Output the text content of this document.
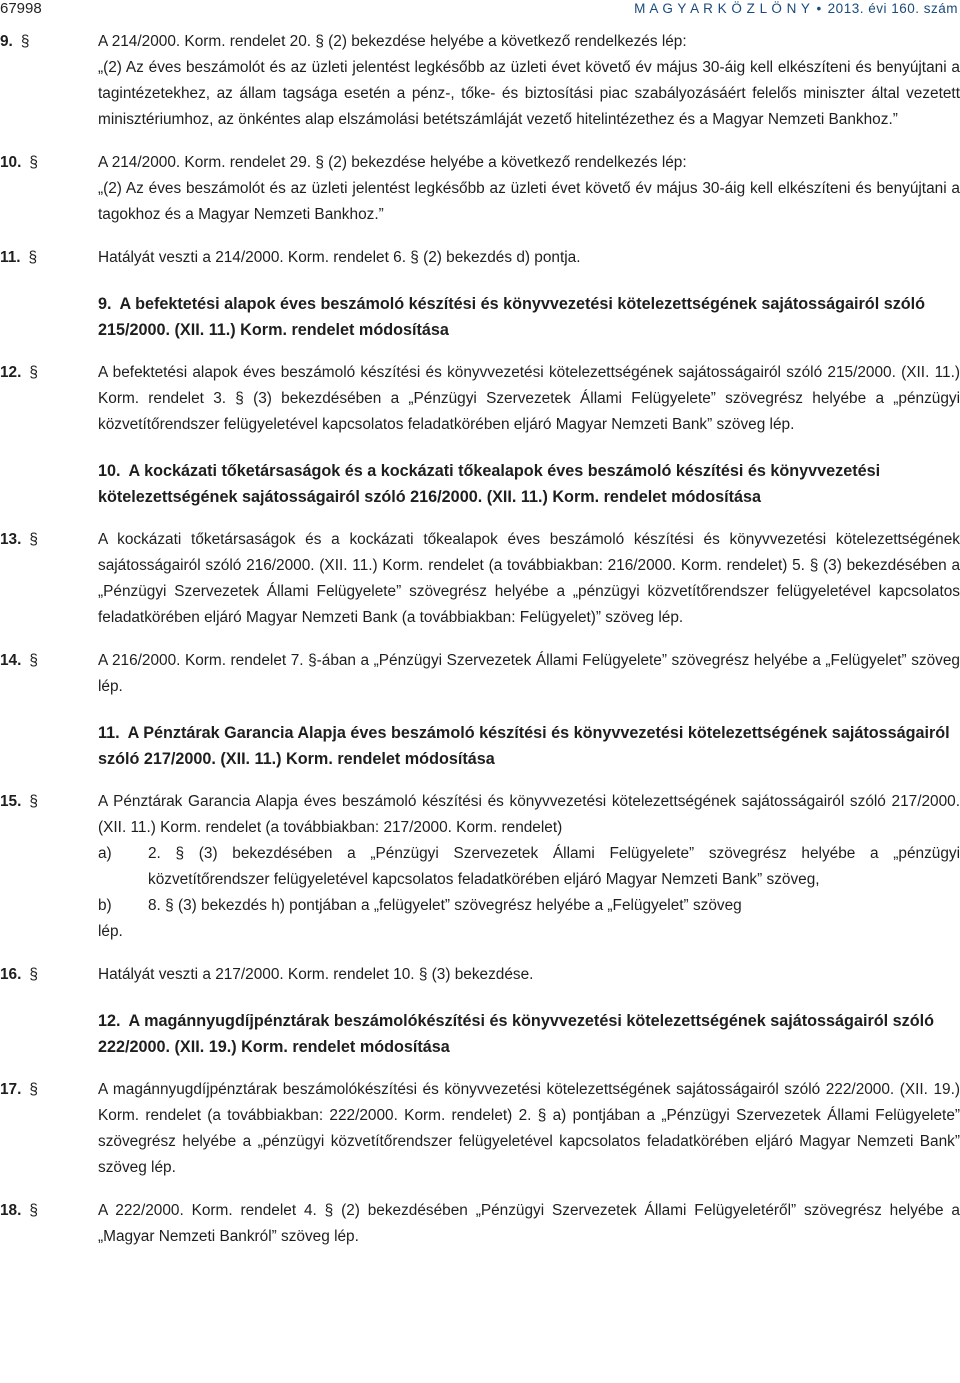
67998	M A G Y A R K Ö Z L Ö N Y • 2013. évi 160. szám
9. §	A 214/2000. Korm. rendelet 20. § (2) bekezdése helyébe a következő rendelkezés lép:
„(2) Az éves beszámolót és az üzleti jelentést legkésőbb az üzleti évet követő év május 30-áig kell elkészíteni és benyújtani a tagintézetekhez, az állam tagsága esetén a pénz-, tőke- és biztosítási piac szabályozásáért felelős miniszter által vezetett minisztériumhoz, az önkéntes alap elszámolási betétszámláját vezető hitelintézethez és a Magyar Nemzeti Bankhoz.”
10. §	A 214/2000. Korm. rendelet 29. § (2) bekezdése helyébe a következő rendelkezés lép:
„(2) Az éves beszámolót és az üzleti jelentést legkésőbb az üzleti évet követő év május 30-áig kell elkészíteni és benyújtani a tagokhoz és a Magyar Nemzeti Bankhoz.”
11. §	Hatályát veszti a 214/2000. Korm. rendelet 6. § (2) bekezdés d) pontja.
9. A befektetési alapok éves beszámoló készítési és könyvvezetési kötelezettségének sajátosságairól szóló 215/2000. (XII. 11.) Korm. rendelet módosítása
12. §	A befektetési alapok éves beszámoló készítési és könyvvezetési kötelezettségének sajátosságairól szóló 215/2000. (XII. 11.) Korm. rendelet 3. § (3) bekezdésében a „Pénzügyi Szervezetek Állami Felügyelete” szövegrész helyébe a „pénzügyi közvetítőrendszer felügyeletével kapcsolatos feladatkörében eljáró Magyar Nemzeti Bank” szöveg lép.
10. A kockázati tőketársaságok és a kockázati tőkealapok éves beszámoló készítési és könyvvezetési kötelezettségének sajátosságairól szóló 216/2000. (XII. 11.) Korm. rendelet módosítása
13. §	A kockázati tőketársaságok és a kockázati tőkealapok éves beszámoló készítési és könyvvezetési kötelezettségének sajátosságairól szóló 216/2000. (XII. 11.) Korm. rendelet (a továbbiakban: 216/2000. Korm. rendelet) 5. § (3) bekezdésében a „Pénzügyi Szervezetek Állami Felügyelete” szövegrész helyébe a „pénzügyi közvetítőrendszer felügyeletével kapcsolatos feladatkörében eljáró Magyar Nemzeti Bank (a továbbiakban: Felügyelet)” szöveg lép.
14. §	A 216/2000. Korm. rendelet 7. §-ában a „Pénzügyi Szervezetek Állami Felügyelete” szövegrész helyébe a „Felügyelet” szöveg lép.
11. A Pénztárak Garancia Alapja éves beszámoló készítési és könyvvezetési kötelezettségének sajátosságairól szóló 217/2000. (XII. 11.) Korm. rendelet módosítása
15. §	A Pénztárak Garancia Alapja éves beszámoló készítési és könyvvezetési kötelezettségének sajátosságairól szóló 217/2000. (XII. 11.) Korm. rendelet (a továbbiakban: 217/2000. Korm. rendelet)
a) 2. § (3) bekezdésében a „Pénzügyi Szervezetek Állami Felügyelete” szövegrész helyébe a „pénzügyi közvetítőrendszer felügyeletével kapcsolatos feladatkörében eljáró Magyar Nemzeti Bank” szöveg,
b) 8. § (3) bekezdés h) pontjában a „felügyelet” szövegrész helyébe a „Felügyelet” szöveg
lép.
16. §	Hatályát veszti a 217/2000. Korm. rendelet 10. § (3) bekezdése.
12. A magánnyugdíjpénztárak beszámolókészítési és könyvvezetési kötelezettségének sajátosságairól szóló 222/2000. (XII. 19.) Korm. rendelet módosítása
17. §	A magánnyugdíjpénztárak beszámolókészítési és könyvvezetési kötelezettségének sajátosságairól szóló 222/2000. (XII. 19.) Korm. rendelet (a továbbiakban: 222/2000. Korm. rendelet) 2. § a) pontjában a „Pénzügyi Szervezetek Állami Felügyelete” szövegrész helyébe a „pénzügyi közvetítőrendszer felügyeletével kapcsolatos feladatkörében eljáró Magyar Nemzeti Bank” szöveg lép.
18. §	A 222/2000. Korm. rendelet 4. § (2) bekezdésében „Pénzügyi Szervezetek Állami Felügyeletéről” szövegrész helyébe a „Magyar Nemzeti Bankról” szöveg lép.
